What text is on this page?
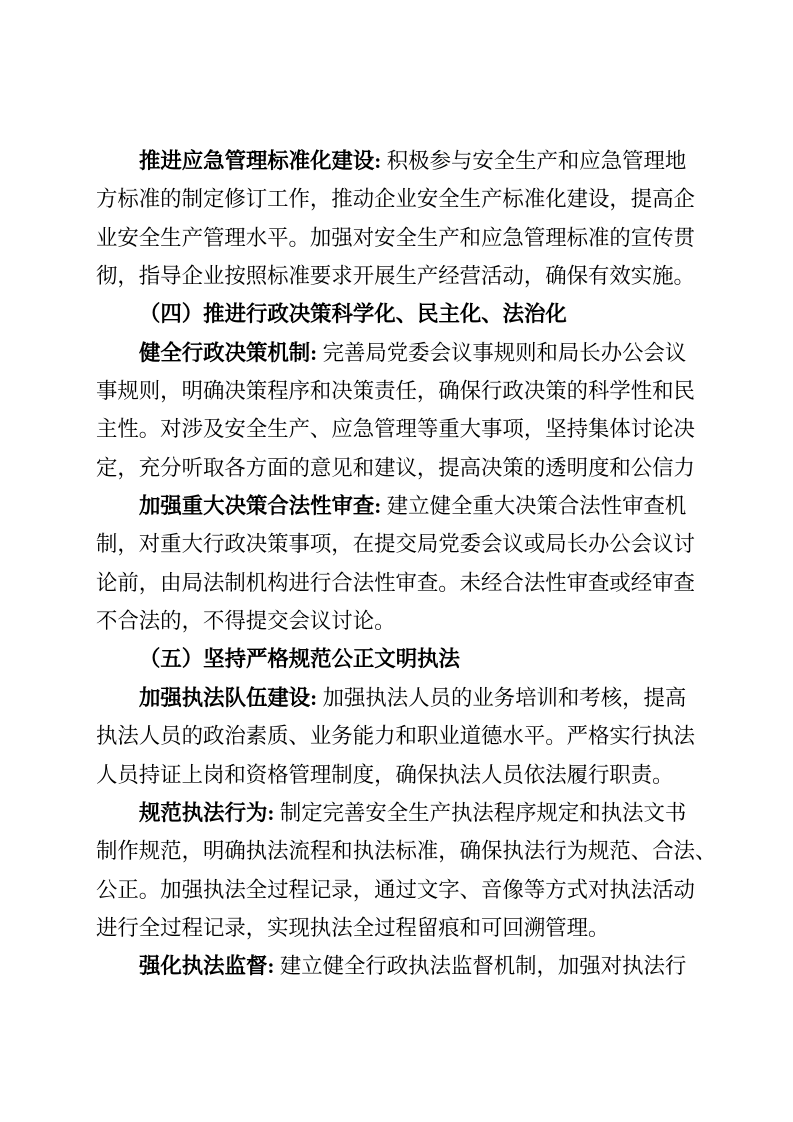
推进应急管理标准化建设: 积极参与安全生产和应急管理地
方标准的制定修订工作，推动企业安全生产标准化建设，提高企
业安全生产管理水平。加强对安全生产和应急管理标准的宣传贯
彻，指导企业按照标准要求开展生产经营活动，确保有效实施。
（四）推进行政决策科学化、民主化、法治化
健全行政决策机制: 完善局党委会议事规则和局长办公会议
事规则，明确决策程序和决策责任，确保行政决策的科学性和民
主性。对涉及安全生产、应急管理等重大事项，坚持集体讨论决
定，充分听取各方面的意见和建议，提高决策的透明度和公信力
加强重大决策合法性审查: 建立健全重大决策合法性审查机
制，对重大行政决策事项，在提交局党委会议或局长办公会议讨
论前，由局法制机构进行合法性审查。未经合法性审查或经审查
不合法的，不得提交会议讨论。
（五）坚持严格规范公正文明执法
加强执法队伍建设: 加强执法人员的业务培训和考核，提高
执法人员的政治素质、业务能力和职业道德水平。严格实行执法
人员持证上岗和资格管理制度，确保执法人员依法履行职责。
规范执法行为: 制定完善安全生产执法程序规定和执法文书
制作规范，明确执法流程和执法标准，确保执法行为规范、合法、
公正。加强执法全过程记录，通过文字、音像等方式对执法活动
进行全过程记录，实现执法全过程留痕和可回溯管理。
强化执法监督: 建立健全行政执法监督机制，加强对执法行
